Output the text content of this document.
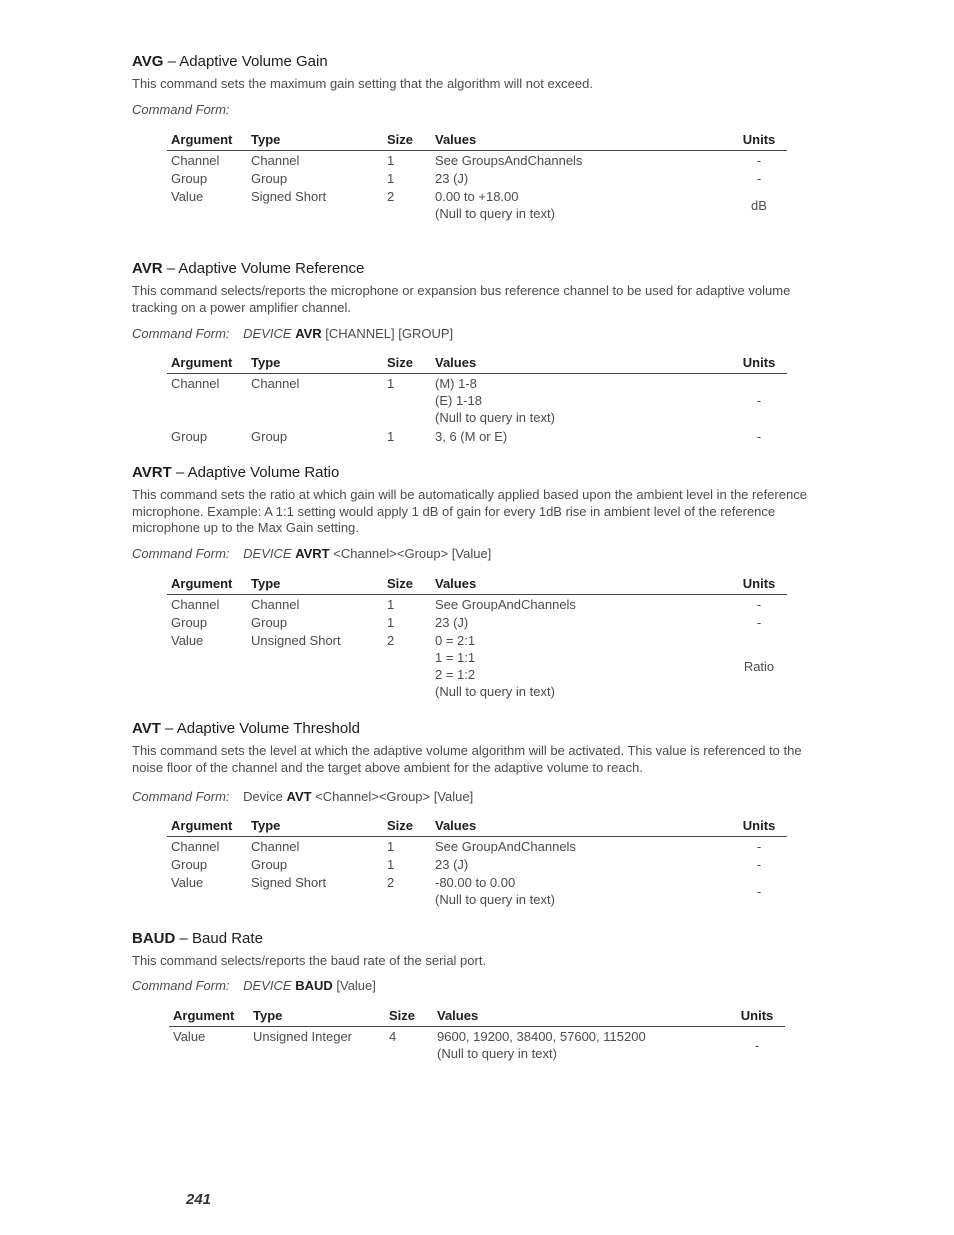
AVG – Adaptive Volume Gain

This command sets the maximum gain setting that the algorithm will not exceed.

Command Form:
Argument	Type	Size	Values	Units
Channel	Channel	1	See GroupsAndChannels	-
Group	Group	1	23 (J)	-
Value	Signed Short	2	0.00 to +18.00
(Null to query in text)	dB

AVR – Adaptive Volume Reference

This command selects/reports the microphone or expansion bus reference channel to be used for adaptive volume tracking on a power amplifier channel.

Command Form: DEVICE AVR [CHANNEL] [GROUP]
Argument	Type	Size	Values	Units
Channel	Channel	1	(M) 1-8
(E) 1-18
(Null to query in text)	-
Group	Group	1	3, 6 (M or E)	-

AVRT – Adaptive Volume Ratio

This command sets the ratio at which gain will be automatically applied based upon the ambient level in the reference microphone. Example: A 1:1 setting would apply 1 dB of gain for every 1dB rise in ambient level of the reference microphone up to the Max Gain setting.

Command Form: DEVICE AVRT <Channel><Group> [Value]
Argument	Type	Size	Values	Units
Channel	Channel	1	See GroupAndChannels	-
Group	Group	1	23 (J)	-
Value	Unsigned Short	2	0 = 2:1
1 = 1:1
2 = 1:2
(Null to query in text)	Ratio

AVT – Adaptive Volume Threshold

This command sets the level at which the adaptive volume algorithm will be activated. This value is referenced to the noise floor of the channel and the target above ambient for the adaptive volume to reach.

Command Form: Device AVT <Channel><Group> [Value]
Argument	Type	Size	Values	Units
Channel	Channel	1	See GroupAndChannels	-
Group	Group	1	23 (J)	-
Value	Signed Short	2	-80.00 to 0.00
(Null to query in text)	-

BAUD – Baud Rate

This command selects/reports the baud rate of the serial port.

Command Form: DEVICE BAUD [Value]
Argument	Type	Size	Values	Units
Value	Unsigned Integer	4	9600, 19200, 38400, 57600, 115200
(Null to query in text)	-
241
